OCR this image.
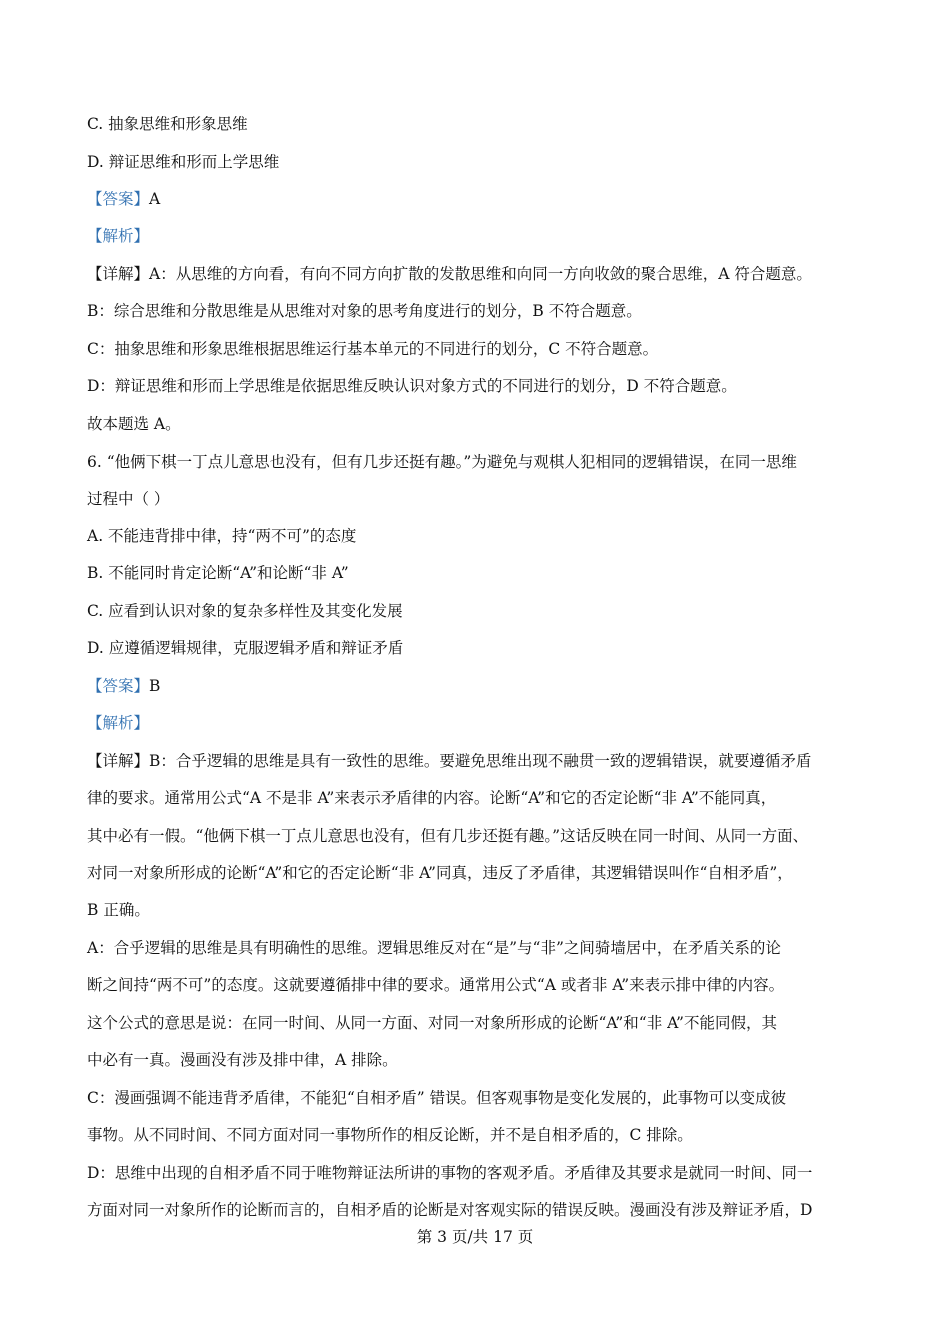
C. 抽象思维和形象思维
D. 辩证思维和形而上学思维
【答案】A
【解析】
【详解】A：从思维的方向看，有向不同方向扩散的发散思维和向同一方向收敛的聚合思维，A 符合题意。
B：综合思维和分散思维是从思维对对象的思考角度进行的划分，B 不符合题意。
C：抽象思维和形象思维根据思维运行基本单元的不同进行的划分，C 不符合题意。
D：辩证思维和形而上学思维是依据思维反映认识对象方式的不同进行的划分，D 不符合题意。
故本题选 A。
6. “他俩下棋一丁点儿意思也没有，但有几步还挺有趣。”为避免与观棋人犯相同的逻辑错误，在同一思维
过程中（ ）
A. 不能违背排中律，持“两不可”的态度
B. 不能同时肯定论断“A”和论断“非 A”
C. 应看到认识对象的复杂多样性及其变化发展
D. 应遵循逻辑规律，克服逻辑矛盾和辩证矛盾
【答案】B
【解析】
【详解】B：合乎逻辑的思维是具有一致性的思维。要避免思维出现不融贯一致的逻辑错误，就要遵循矛盾
律的要求。通常用公式“A 不是非 A”来表示矛盾律的内容。论断“A”和它的否定论断“非 A”不能同真，
其中必有一假。“他俩下棋一丁点儿意思也没有，但有几步还挺有趣。”这话反映在同一时间、从同一方面、
对同一对象所形成的论断“A”和它的否定论断“非 A”同真，违反了矛盾律，其逻辑错误叫作“自相矛盾”，
B 正确。
A：合乎逻辑的思维是具有明确性的思维。逻辑思维反对在“是”与“非”之间骑墙居中，在矛盾关系的论
断之间持“两不可”的态度。这就要遵循排中律的要求。通常用公式“A 或者非 A”来表示排中律的内容。
这个公式的意思是说：在同一时间、从同一方面、对同一对象所形成的论断“A”和“非 A”不能同假，其
中必有一真。漫画没有涉及排中律，A 排除。
C：漫画强调不能违背矛盾律，不能犯“自相矛盾” 错误。但客观事物是变化发展的，此事物可以变成彼
事物。从不同时间、不同方面对同一事物所作的相反论断，并不是自相矛盾的，C 排除。
D：思维中出现的自相矛盾不同于唯物辩证法所讲的事物的客观矛盾。矛盾律及其要求是就同一时间、同一
方面对同一对象所作的论断而言的，自相矛盾的论断是对客观实际的错误反映。漫画没有涉及辩证矛盾，D
第 3 页/共 17 页
